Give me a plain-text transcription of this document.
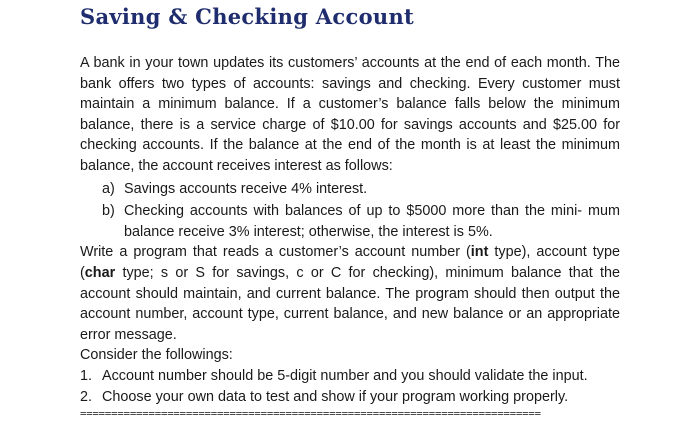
Saving & Checking Account

A bank in your town updates its customers’ accounts at the end of each month. The bank offers two types of accounts: savings and checking. Every customer must maintain a minimum balance. If a customer’s balance falls below the minimum balance, there is a service charge of $10.00 for savings accounts and $25.00 for checking accounts. If the balance at the end of the month is at least the minimum balance, the account receives interest as follows:

a) Savings accounts receive 4% interest.
b) Checking accounts with balances of up to $5000 more than the mini- mum balance receive 3% interest; otherwise, the interest is 5%.

Write a program that reads a customer’s account number (int type), account type (char type; s or S for savings, c or C for checking), minimum balance that the account should maintain, and current balance. The program should then output the account number, account type, current balance, and new balance or an appropriate error message.

Consider the followings:

1. Account number should be 5-digit number and you should validate the input.
2. Choose your own data to test and show if your program working properly.

==========================================================================
